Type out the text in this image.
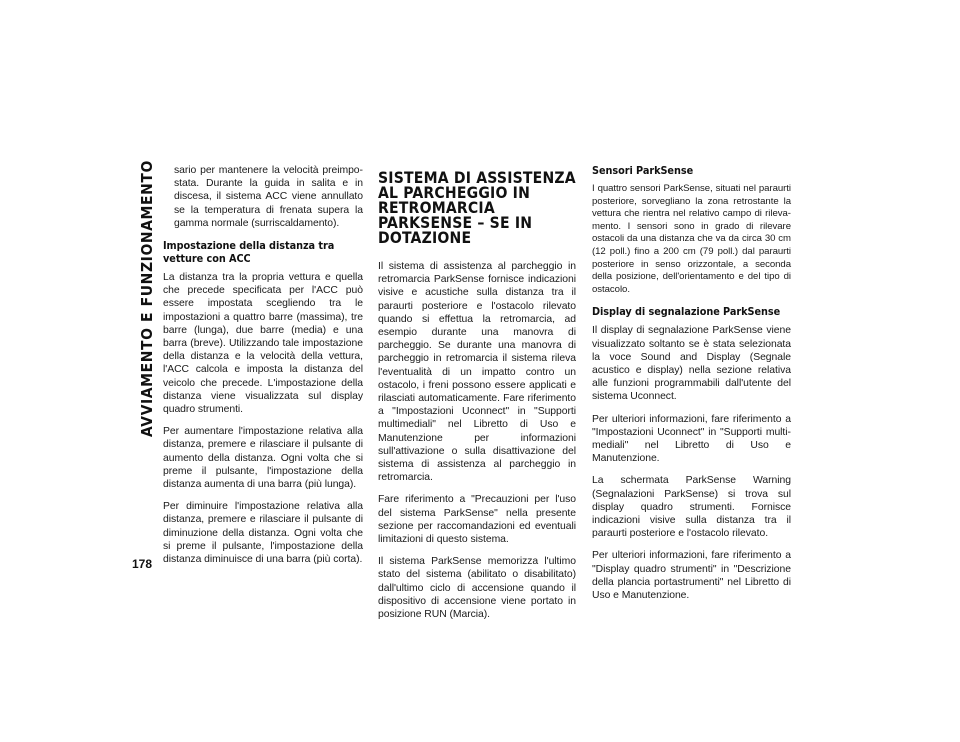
AVVIAMENTO E FUNZIONAMENTO
178

sario per mantenere la velocità preimpostata. Durante la guida in salita e in discesa, il sistema ACC viene annullato se la temperatura di frenata supera la gamma normale (surriscaldamento).

Impostazione della distanza tra vetture con ACC

La distanza tra la propria vettura e quella che precede specificata per l'ACC può essere impostata scegliendo tra le impostazioni a quattro barre (massima), tre barre (lunga), due barre (media) e una barra (breve). Utilizzando tale impostazione della distanza e la velocità della vettura, l'ACC calcola e imposta la distanza del veicolo che precede. L'impostazione della distanza viene visualizzata sul display quadro strumenti.

Per aumentare l'impostazione relativa alla distanza, premere e rilasciare il pulsante di aumento della distanza. Ogni volta che si preme il pulsante, l'impostazione della distanza aumenta di una barra (più lunga).

Per diminuire l'impostazione relativa alla distanza, premere e rilasciare il pulsante di diminuzione della distanza. Ogni volta che si preme il pulsante, l'impostazione della distanza diminuisce di una barra (più corta).

SISTEMA DI ASSISTENZA AL PARCHEGGIO IN RETROMARCIA PARKSENSE – SE IN DOTAZIONE

Il sistema di assistenza al parcheggio in retromarcia ParkSense fornisce indicazioni visive e acustiche sulla distanza tra il paraurti posteriore e l'ostacolo rilevato quando si effettua la retromarcia, ad esempio durante una manovra di parcheggio. Se durante una manovra di parcheggio in retromarcia il sistema rileva l'eventualità di un impatto contro un ostacolo, i freni possono essere applicati e rilasciati automaticamente. Fare riferimento a "Impostazioni Uconnect" in "Supporti multimediali" nel Libretto di Uso e Manutenzione per informazioni sull'attivazione o sulla disattivazione del sistema di assistenza al parcheggio in retromarcia.

Fare riferimento a "Precauzioni per l'uso del sistema ParkSense" nella presente sezione per raccomandazioni ed eventuali limitazioni di questo sistema.

Il sistema ParkSense memorizza l'ultimo stato del sistema (abilitato o disabilitato) dall'ultimo ciclo di accensione quando il dispositivo di accensione viene portato in posizione RUN (Marcia).

Sensori ParkSense

I quattro sensori ParkSense, situati nel paraurti posteriore, sorvegliano la zona retrostante la vettura che rientra nel relativo campo di rilevamento. I sensori sono in grado di rilevare ostacoli da una distanza che va da circa 30 cm (12 poll.) fino a 200 cm (79 poll.) dal paraurti posteriore in senso orizzontale, a seconda della posizione, dell'orientamento e del tipo di ostacolo.

Display di segnalazione ParkSense

Il display di segnalazione ParkSense viene visualizzato soltanto se è stata selezionata la voce Sound and Display (Segnale acustico e display) nella sezione relativa alle funzioni programmabili dall'utente del sistema Uconnect.

Per ulteriori informazioni, fare riferimento a "Impostazioni Uconnect" in "Supporti multimediali" nel Libretto di Uso e Manutenzione.

La schermata ParkSense Warning (Segnalazioni ParkSense) si trova sul display quadro strumenti. Fornisce indicazioni visive sulla distanza tra il paraurti posteriore e l'ostacolo rilevato.

Per ulteriori informazioni, fare riferimento a "Display quadro strumenti" in "Descrizione della plancia portastrumenti" nel Libretto di Uso e Manutenzione.
